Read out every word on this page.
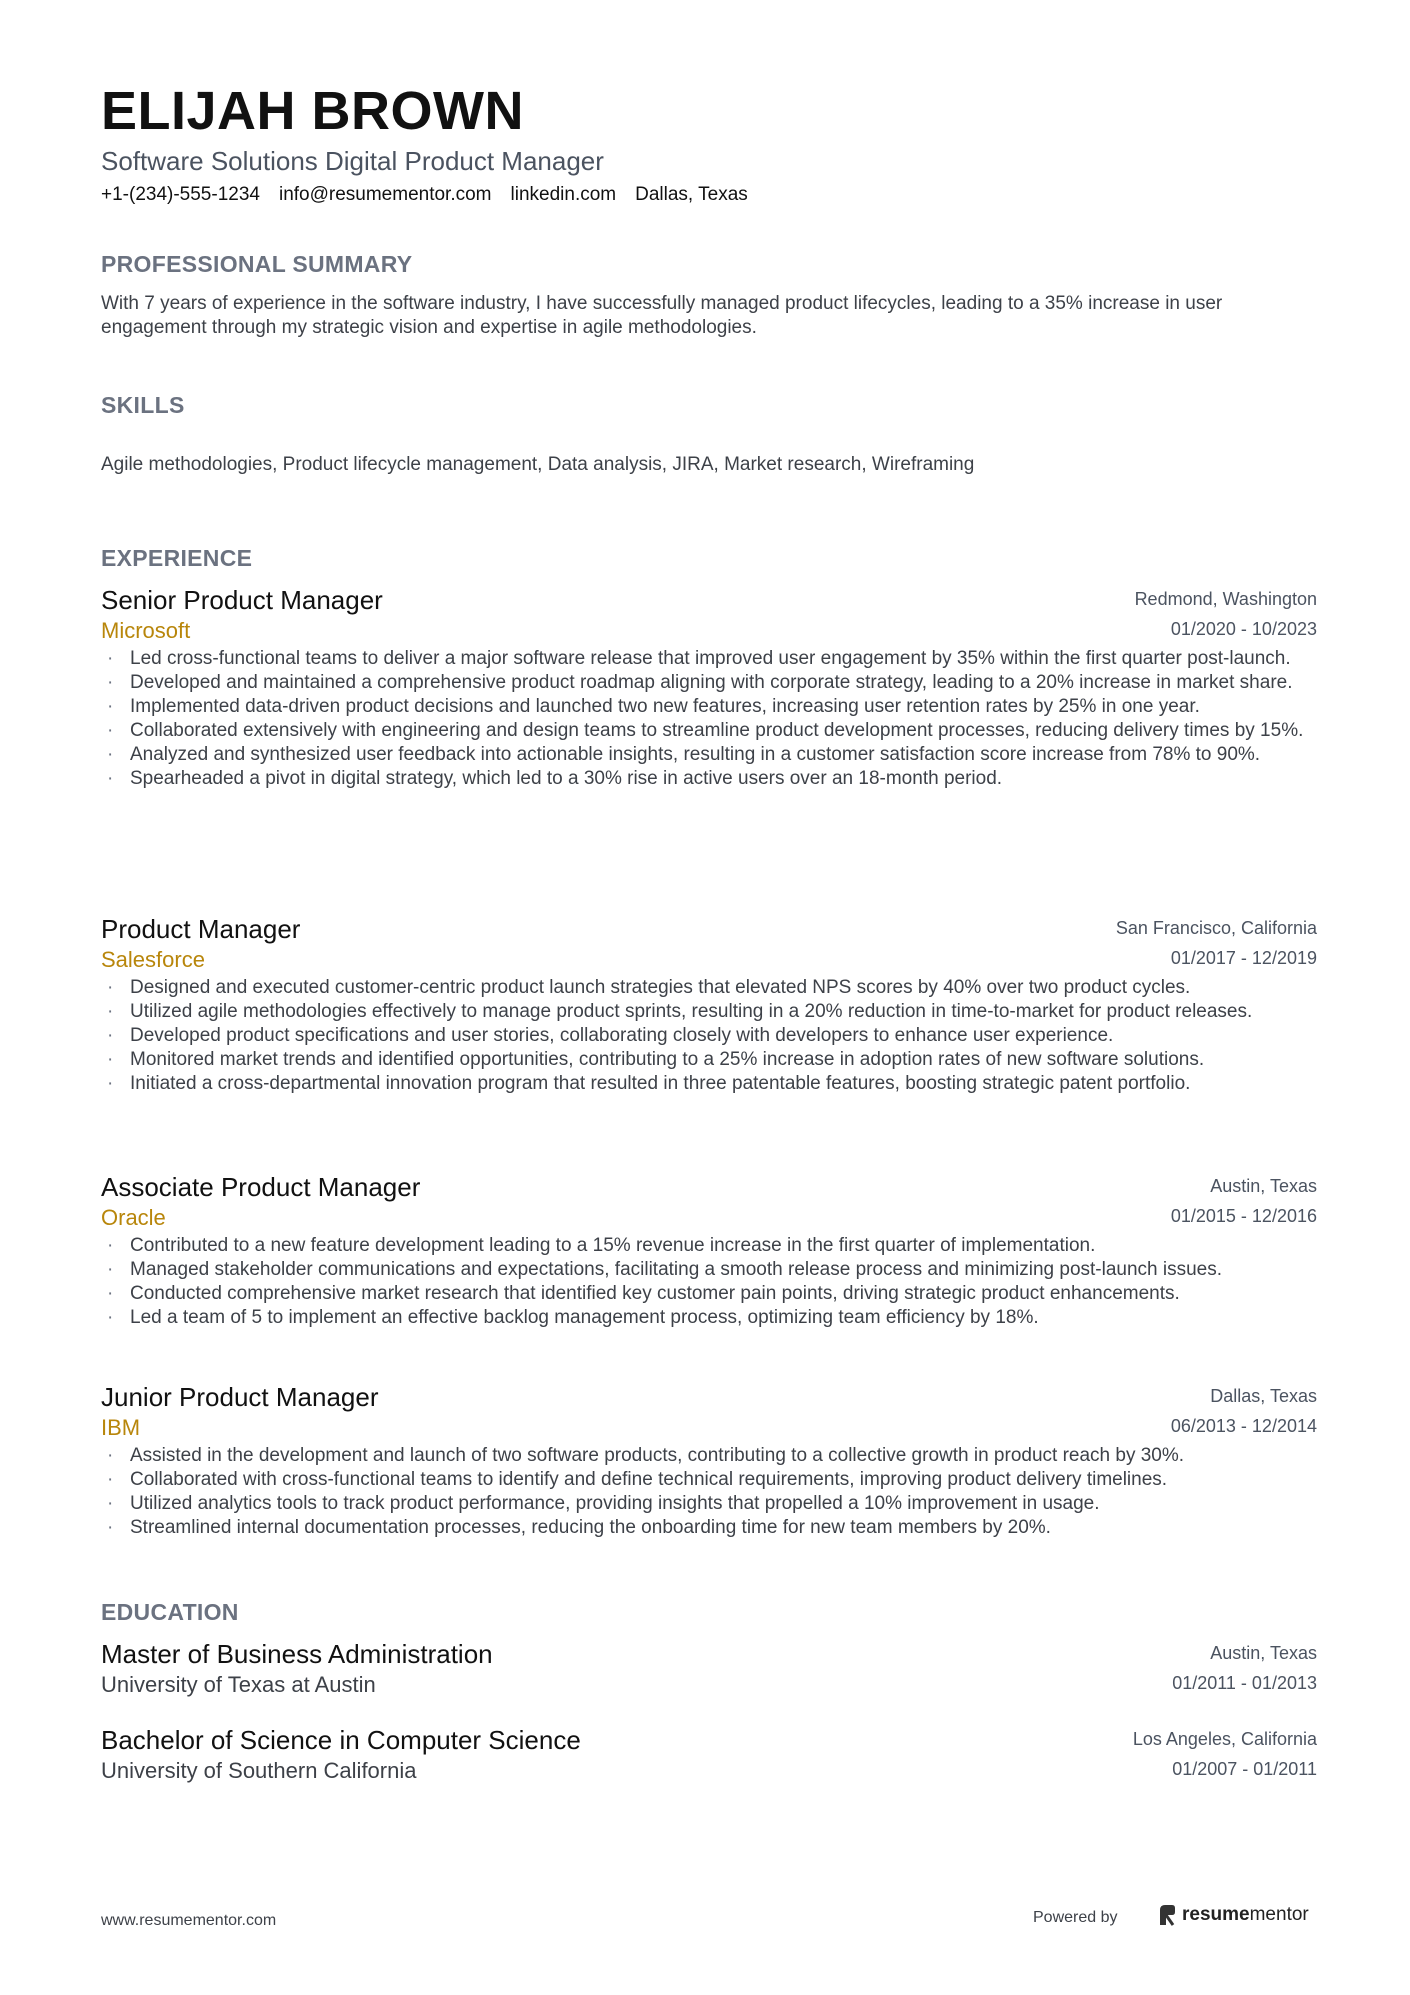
ELIJAH BROWN
Software Solutions Digital Product Manager
+1-(234)-555-1234 info@resumementor.com linkedin.com Dallas, Texas
PROFESSIONAL SUMMARY

With 7 years of experience in the software industry, I have successfully managed product lifecycles, leading to a 35% increase in user engagement through my strategic vision and expertise in agile methodologies.

SKILLS

Agile methodologies, Product lifecycle management, Data analysis, JIRA, Market research, Wireframing

EXPERIENCE
Senior Product Manager
Microsoft
Redmond, Washington
01/2020 - 10/2023
· Led cross-functional teams to deliver a major software release that improved user engagement by 35% within the first quarter post-launch.
· Developed and maintained a comprehensive product roadmap aligning with corporate strategy, leading to a 20% increase in market share.
· Implemented data-driven product decisions and launched two new features, increasing user retention rates by 25% in one year.
· Collaborated extensively with engineering and design teams to streamline product development processes, reducing delivery times by 15%.
· Analyzed and synthesized user feedback into actionable insights, resulting in a customer satisfaction score increase from 78% to 90%.
· Spearheaded a pivot in digital strategy, which led to a 30% rise in active users over an 18-month period.
Product Manager
Salesforce
San Francisco, California
01/2017 - 12/2019
· Designed and executed customer-centric product launch strategies that elevated NPS scores by 40% over two product cycles.
· Utilized agile methodologies effectively to manage product sprints, resulting in a 20% reduction in time-to-market for product releases.
· Developed product specifications and user stories, collaborating closely with developers to enhance user experience.
· Monitored market trends and identified opportunities, contributing to a 25% increase in adoption rates of new software solutions.
· Initiated a cross-departmental innovation program that resulted in three patentable features, boosting strategic patent portfolio.
Associate Product Manager
Oracle
Austin, Texas
01/2015 - 12/2016
· Contributed to a new feature development leading to a 15% revenue increase in the first quarter of implementation.
· Managed stakeholder communications and expectations, facilitating a smooth release process and minimizing post-launch issues.
· Conducted comprehensive market research that identified key customer pain points, driving strategic product enhancements.
· Led a team of 5 to implement an effective backlog management process, optimizing team efficiency by 18%.
Junior Product Manager
IBM
Dallas, Texas
06/2013 - 12/2014
· Assisted in the development and launch of two software products, contributing to a collective growth in product reach by 30%.
· Collaborated with cross-functional teams to identify and define technical requirements, improving product delivery timelines.
· Utilized analytics tools to track product performance, providing insights that propelled a 10% improvement in usage.
· Streamlined internal documentation processes, reducing the onboarding time for new team members by 20%.
EDUCATION
Master of Business Administration
University of Texas at Austin
Austin, Texas
01/2011 - 01/2013
Bachelor of Science in Computer Science
University of Southern California
Los Angeles, California
01/2007 - 01/2011
www.resumementor.com	Powered by	resumementor
